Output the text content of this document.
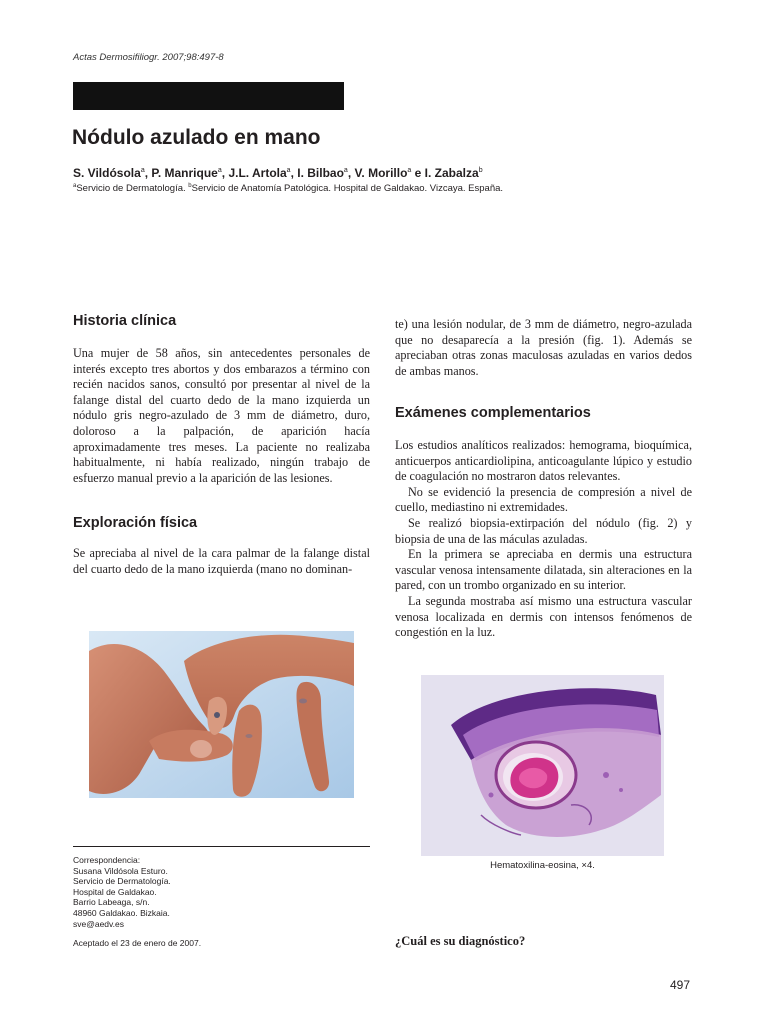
Actas Dermosifiliogr. 2007;98:497-8
Nódulo azulado en mano
S. Vildósola$^a$, P. Manrique$^a$, J.L. Artola$^a$, I. Bilbao$^a$, V. Morillo$^a$ e I. Zabalza$^b$
$^a$Servicio de Dermatología. $^b$Servicio de Anatomía Patológica. Hospital de Galdakao. Vizcaya. España.
Historia clínica

Una mujer de 58 años, sin antecedentes personales de interés excepto tres abortos y dos embarazos a término con recién nacidos sanos, consultó por presentar al nivel de la falange distal del cuarto dedo de la mano izquierda un nódulo gris negro-azulado de 3 mm de diámetro, duro, doloroso a la palpación, de aparición hacía aproximadamente tres meses. La paciente no realizaba habitualmente, ni había realizado, ningún trabajo de esfuerzo manual previo a la aparición de las lesiones.

Exploración física

Se apreciaba al nivel de la cara palmar de la falange distal del cuarto dedo de la mano izquierda (mano no dominan-

te) una lesión nodular, de 3 mm de diámetro, negro-azulada que no desaparecía a la presión (fig. 1). Además se apreciaban otras zonas maculosas azuladas en varios dedos de ambas manos.

Exámenes complementarios

Los estudios analíticos realizados: hemograma, bioquímica, anticuerpos anticardiolipina, anticoagulante lúpico y estudio de coagulación no mostraron datos relevantes.

No se evidenció la presencia de compresión a nivel de cuello, mediastino ni extremidades.

Se realizó biopsia-extirpación del nódulo (fig. 2) y biopsia de una de las máculas azuladas.

En la primera se apreciaba en dermis una estructura vascular venosa intensamente dilatada, sin alteraciones en la pared, con un trombo organizado en su interior.

La segunda mostraba así mismo una estructura vascular venosa localizada en dermis con intensos fenómenos de congestión en la luz.

Hematoxilina-eosina, ×4.
Correspondencia:
Susana Vildósola Esturo.
Servicio de Dermatología.
Hospital de Galdakao.
Barrio Labeaga, s/n.
48960 Galdakao. Bizkaia.
sve@aedv.es
Aceptado el 23 de enero de 2007.	¿Cuál es su diagnóstico?
497
